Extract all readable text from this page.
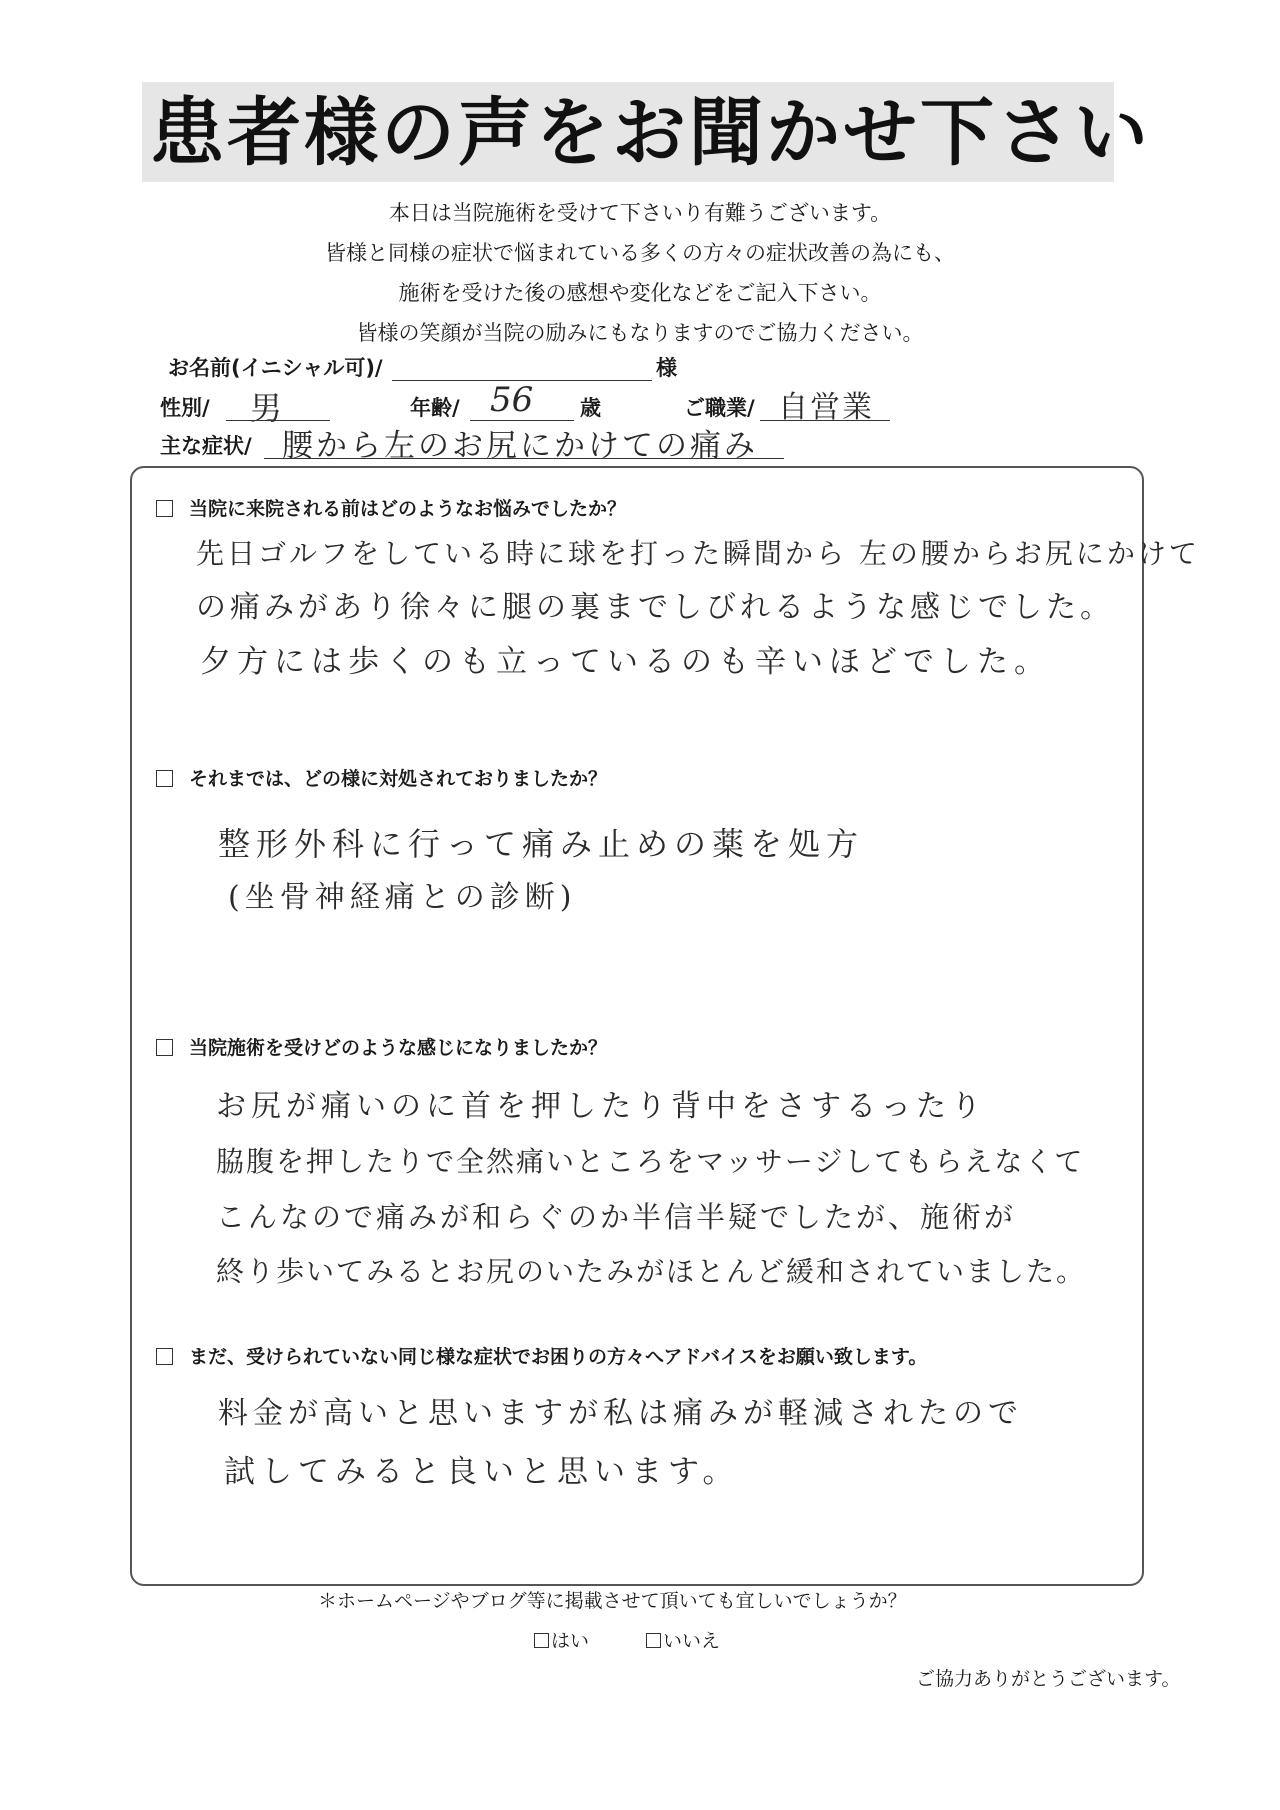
患者様の声をお聞かせ下さい
本日は当院施術を受けて下さいり有難うございます。
皆様と同様の症状で悩まれている多くの方々の症状改善の為にも、
施術を受けた後の感想や変化などをご記入下さい。
皆様の笑顔が当院の励みにもなりますのでご協力ください。
お名前(イニシャル可)/	様
性別/ 男	年齢/ 56 歳	ご職業/ 自営業
主な症状/ 腰から左のお尻にかけての痛み
当院に来院される前はどのようなお悩みでしたか？
先日ゴルフをしている時に球を打った瞬間から 左の腰からお尻にかけて
の痛みがあり徐々に腿の裏までしびれるような感じでした。
夕方には歩くのも立っているのも辛いほどでした。
それまでは、どの様に対処されておりましたか？
整形外科に行って痛み止めの薬を処方
(坐骨神経痛との診断)
当院施術を受けどのような感じになりましたか？
お尻が痛いのに首を押したり背中をさするったり
脇腹を押したりで全然痛いところをマッサージしてもらえなくて
こんなので痛みが和らぐのか半信半疑でしたが、施術が
終り歩いてみるとお尻のいたみがほとんど緩和されていました。
まだ、受けられていない同じ様な症状でお困りの方々へアドバイスをお願い致します。
料金が高いと思いますが私は痛みが軽減されたので
試してみると良いと思います。
＊ホームページやブログ等に掲載させて頂いても宜しいでしょうか？
はい	いいえ
ご協力ありがとうございます。
